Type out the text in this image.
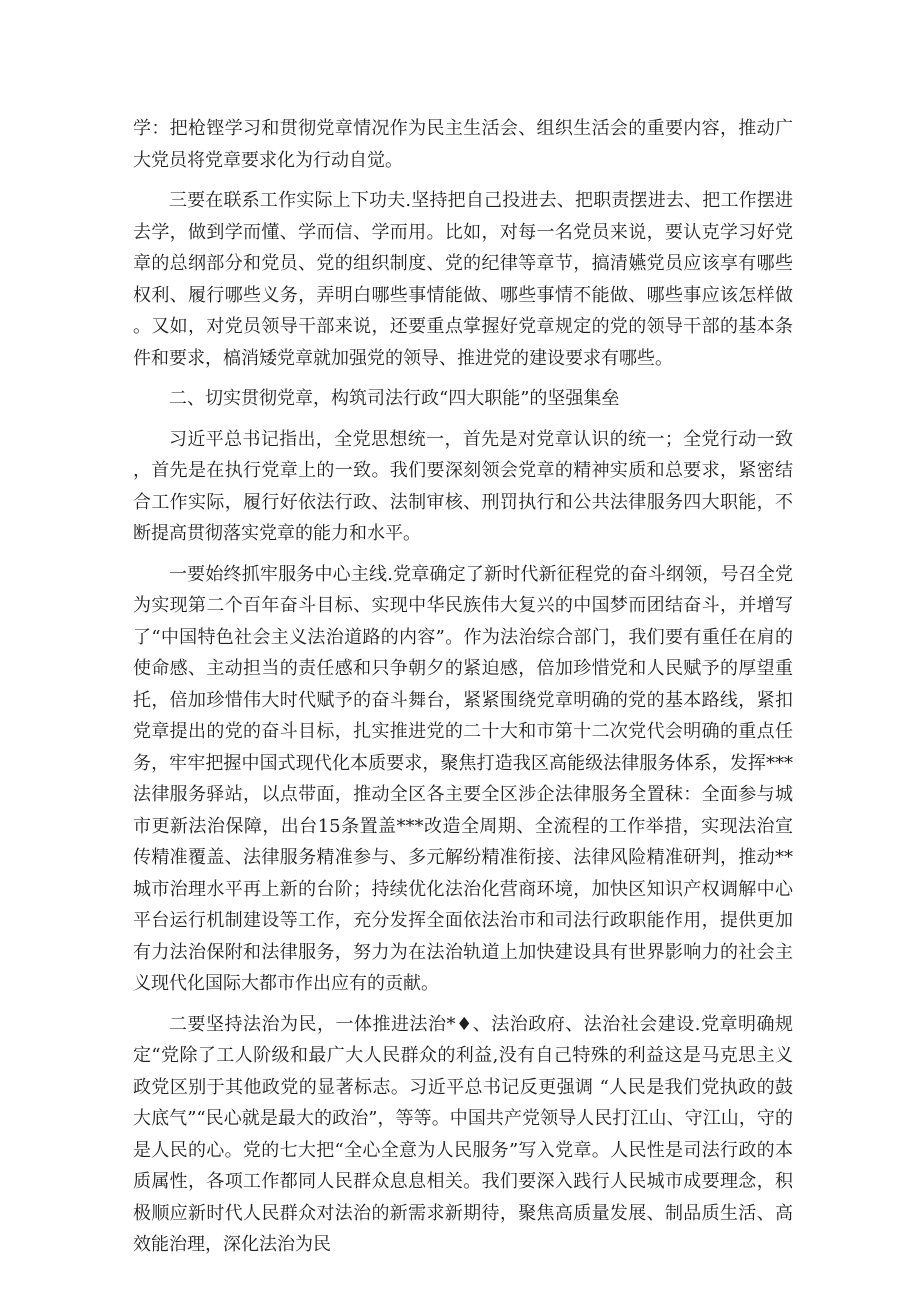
学：把枪铿学习和贯彻党章情况作为民主生活会、组织生活会的重要内容，推动广大党员将党章要求化为行动自觉。

三要在联系工作实际上下功夫.坚持把自己投进去、把职责摆进去、把工作摆进去学，做到学而懂、学而信、学而用。比如，对每一名党员来说，要认克学习好党章的总纲部分和党员、党的组织制度、党的纪律等章节，搞清嬿党员应该享有哪些权利、履行哪些义务，弄明白哪些事情能做、哪些事情不能做、哪些事应该怎样做。又如，对党员领导干部来说，还要重点掌握好党章规定的党的领导干部的基本条件和要求，槁消矮党章就加强党的领导、推进党的建设要求有哪些。

二、切实贯彻党章，构筑司法行政“四大职能”的坚强集垒

习近平总书记指出，全党思想统一，首先是对党章认识的统一；全党行动一致，首先是在执行党章上的一致。我们要深刻领会党章的精神实质和总要求，紧密结合工作实际，履行好依法行政、法制审核、刑罚执行和公共法律服务四大职能，不断提高贯彻落实党章的能力和水平。

一要始终抓牢服务中心主线.党章确定了新时代新征程党的奋斗纲领，号召全党为实现第二个百年奋斗目标、实现中华民族伟大复兴的中国梦而团结奋斗，并增写了“中国特色社会主义法治道路的内容”。作为法治综合部门，我们要有重任在肩的使命感、主动担当的责任感和只争朝夕的紧迫感，倍加珍惜党和人民赋予的厚望重托，倍加珍惜伟大时代赋予的奋斗舞台，紧紧围绕党章明确的党的基本路线，紧扣党章提出的党的奋斗目标，扎实推进党的二十大和市第十二次党代会明确的重点任务，牢牢把握中国式现代化本质要求，聚焦打造我区高能级法律服务体系，发挥***法律服务驿站，以点带面，推动全区各主要全区涉企法律服务全置秣：全面参与城市更新法治保障，出台15条置盖***改造全周期、全流程的工作举措，实现法治宣传精准覆盖、法律服务精准参与、多元解纷精准衔接、法律风险精准研判，推动**城市治理水平再上新的台阶；持续优化法治化营商环境，加快区知识产权调解中心平台运行机制建设等工作，充分发挥全面依法治市和司法行政职能作用，提供更加有力法治保附和法律服务，努力为在法治轨道上加快建设具有世界影响力的社会主义现代化国际大都市作出应有的贡献。

二要坚持法治为民，一体推进法治*♦、法治政府、法治社会建设.党章明确规定“党除了工人阶级和最广大人民群众的利益,没有自己特殊的利益这是马克思主义政党区别于其他政党的显著标志。习近平总书记反更强调 “人民是我们党执政的鼓大底气”“民心就是最大的政治”，等等。中国共产党领导人民打江山、守江山，守的是人民的心。党的七大把“全心全意为人民服务”写入党章。人民性是司法行政的本质属性，各项工作都同人民群众息息相关。我们要深入践行人民城市成要理念，积极顺应新时代人民群众对法治的新需求新期待，聚焦高质量发展、制品质生活、高效能治理，深化法治为民
